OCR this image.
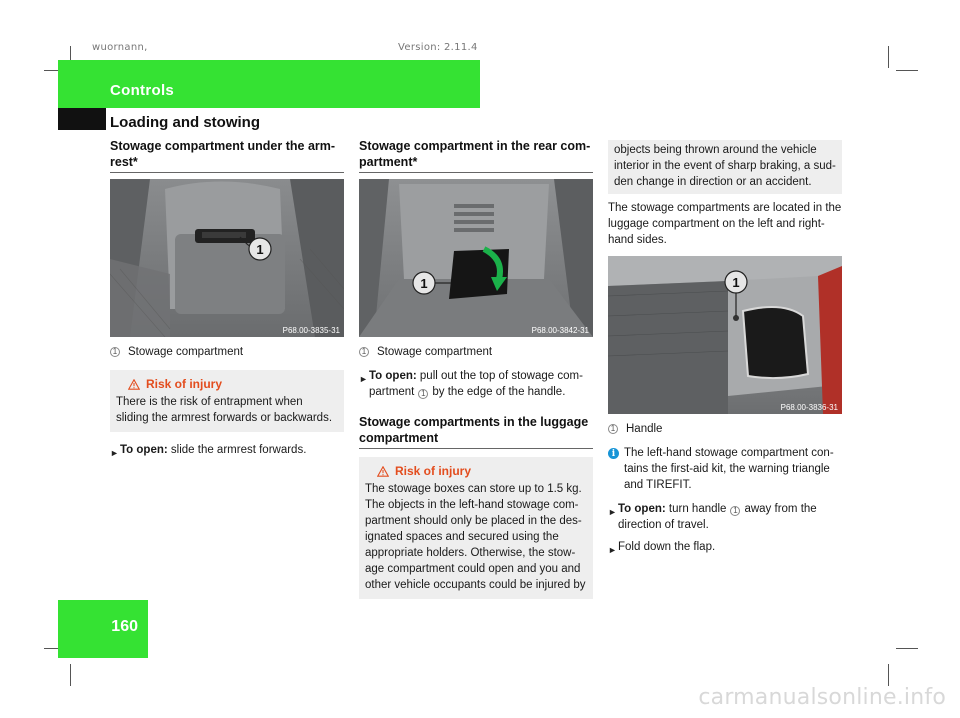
wuornann,	Version: 2.11.4
Controls
Loading and stowing
160
Stowage compartment under the arm-rest*
1
P68.00-3835-31
1 Stowage compartment
Risk of injury

There is the risk of entrapment when sliding the armrest forwards or backwards.

► To open: slide the armrest forwards.

Stowage compartment in the rear com-partment*
1
P68.00-3842-31
1 Stowage compartment
► To open: pull out the top of stowage com-partment 1 by the edge of the handle.

Stowage compartments in the luggage compartment
Risk of injury

The stowage boxes can store up to 1.5 kg. The objects in the left-hand stowage com-partment should only be placed in the des-ignated spaces and secured using the appropriate holders. Otherwise, the stow-age compartment could open and you and other vehicle occupants could be injured by

objects being thrown around the vehicle interior in the event of sharp braking, a sud-den change in direction or an accident.

The stowage compartments are located in the luggage compartment on the left and right-hand sides.

1
P68.00-3836-31
1 Handle
i The left-hand stowage compartment con-tains the first-aid kit, the warning triangle and TIREFIT.

► To open: turn handle 1 away from the direction of travel.

► Fold down the flap.

carmanualsonline.info
